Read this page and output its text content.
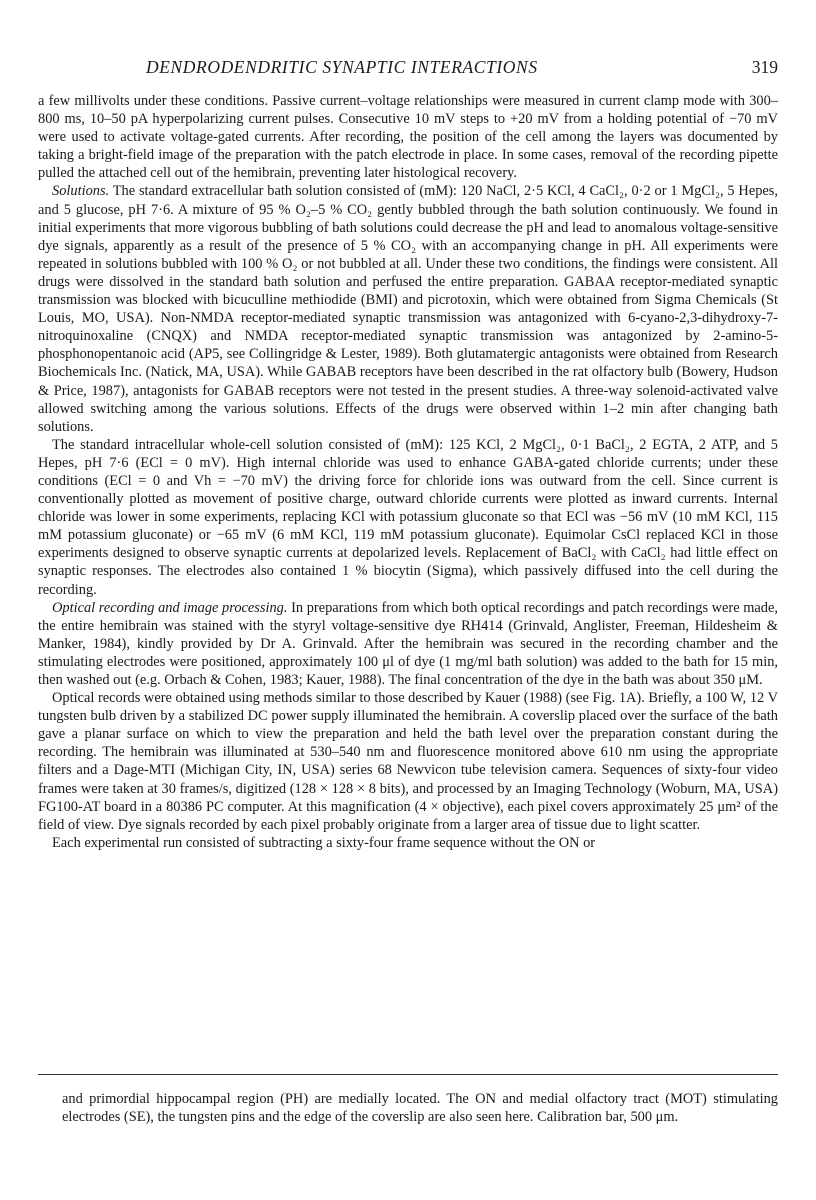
DENDRODENDRITIC SYNAPTIC INTERACTIONS	319

a few millivolts under these conditions. Passive current–voltage relationships were measured in current clamp mode with 300–800 ms, 10–50 pA hyperpolarizing current pulses. Consecutive 10 mV steps to +20 mV from a holding potential of −70 mV were used to activate voltage-gated currents. After recording, the position of the cell among the layers was documented by taking a bright-field image of the preparation with the patch electrode in place. In some cases, removal of the recording pipette pulled the attached cell out of the hemibrain, preventing later histological recovery.

Solutions. The standard extracellular bath solution consisted of (mM): 120 NaCl, 2·5 KCl, 4 CaCl₂, 0·2 or 1 MgCl₂, 5 Hepes, and 5 glucose, pH 7·6. A mixture of 95 % O₂–5 % CO₂ gently bubbled through the bath solution continuously. We found in initial experiments that more vigorous bubbling of bath solutions could decrease the pH and lead to anomalous voltage-sensitive dye signals, apparently as a result of the presence of 5 % CO₂ with an accompanying change in pH. All experiments were repeated in solutions bubbled with 100 % O₂ or not bubbled at all. Under these two conditions, the findings were consistent. All drugs were dissolved in the standard bath solution and perfused the entire preparation. GABAA receptor-mediated synaptic transmission was blocked with bicuculline methiodide (BMI) and picrotoxin, which were obtained from Sigma Chemicals (St Louis, MO, USA). Non-NMDA receptor-mediated synaptic transmission was antagonized with 6-cyano-2,3-dihydroxy-7-nitroquinoxaline (CNQX) and NMDA receptor-mediated synaptic transmission was antagonized by 2-amino-5-phosphonopentanoic acid (AP5, see Collingridge & Lester, 1989). Both glutamatergic antagonists were obtained from Research Biochemicals Inc. (Natick, MA, USA). While GABAB receptors have been described in the rat olfactory bulb (Bowery, Hudson & Price, 1987), antagonists for GABAB receptors were not tested in the present studies. A three-way solenoid-activated valve allowed switching among the various solutions. Effects of the drugs were observed within 1–2 min after changing bath solutions.

The standard intracellular whole-cell solution consisted of (mM): 125 KCl, 2 MgCl₂, 0·1 BaCl₂, 2 EGTA, 2 ATP, and 5 Hepes, pH 7·6 (ECl = 0 mV). High internal chloride was used to enhance GABA-gated chloride currents; under these conditions (ECl = 0 and Vh = −70 mV) the driving force for chloride ions was outward from the cell. Since current is conventionally plotted as movement of positive charge, outward chloride currents were plotted as inward currents. Internal chloride was lower in some experiments, replacing KCl with potassium gluconate so that ECl was −56 mV (10 mM KCl, 115 mM potassium gluconate) or −65 mV (6 mM KCl, 119 mM potassium gluconate). Equimolar CsCl replaced KCl in those experiments designed to observe synaptic currents at depolarized levels. Replacement of BaCl₂ with CaCl₂ had little effect on synaptic responses. The electrodes also contained 1 % biocytin (Sigma), which passively diffused into the cell during the recording.

Optical recording and image processing. In preparations from which both optical recordings and patch recordings were made, the entire hemibrain was stained with the styryl voltage-sensitive dye RH414 (Grinvald, Anglister, Freeman, Hildesheim & Manker, 1984), kindly provided by Dr A. Grinvald. After the hemibrain was secured in the recording chamber and the stimulating electrodes were positioned, approximately 100 μl of dye (1 mg/ml bath solution) was added to the bath for 15 min, then washed out (e.g. Orbach & Cohen, 1983; Kauer, 1988). The final concentration of the dye in the bath was about 350 μM.

Optical records were obtained using methods similar to those described by Kauer (1988) (see Fig. 1A). Briefly, a 100 W, 12 V tungsten bulb driven by a stabilized DC power supply illuminated the hemibrain. A coverslip placed over the surface of the bath gave a planar surface on which to view the preparation and held the bath level over the preparation constant during the recording. The hemibrain was illuminated at 530–540 nm and fluorescence monitored above 610 nm using the appropriate filters and a Dage-MTI (Michigan City, IN, USA) series 68 Newvicon tube television camera. Sequences of sixty-four video frames were taken at 30 frames/s, digitized (128 × 128 × 8 bits), and processed by an Imaging Technology (Woburn, MA, USA) FG100-AT board in a 80386 PC computer. At this magnification (4 × objective), each pixel covers approximately 25 μm² of the field of view. Dye signals recorded by each pixel probably originate from a larger area of tissue due to light scatter.

Each experimental run consisted of subtracting a sixty-four frame sequence without the ON or

and primordial hippocampal region (PH) are medially located. The ON and medial olfactory tract (MOT) stimulating electrodes (SE), the tungsten pins and the edge of the coverslip are also seen here. Calibration bar, 500 μm.
